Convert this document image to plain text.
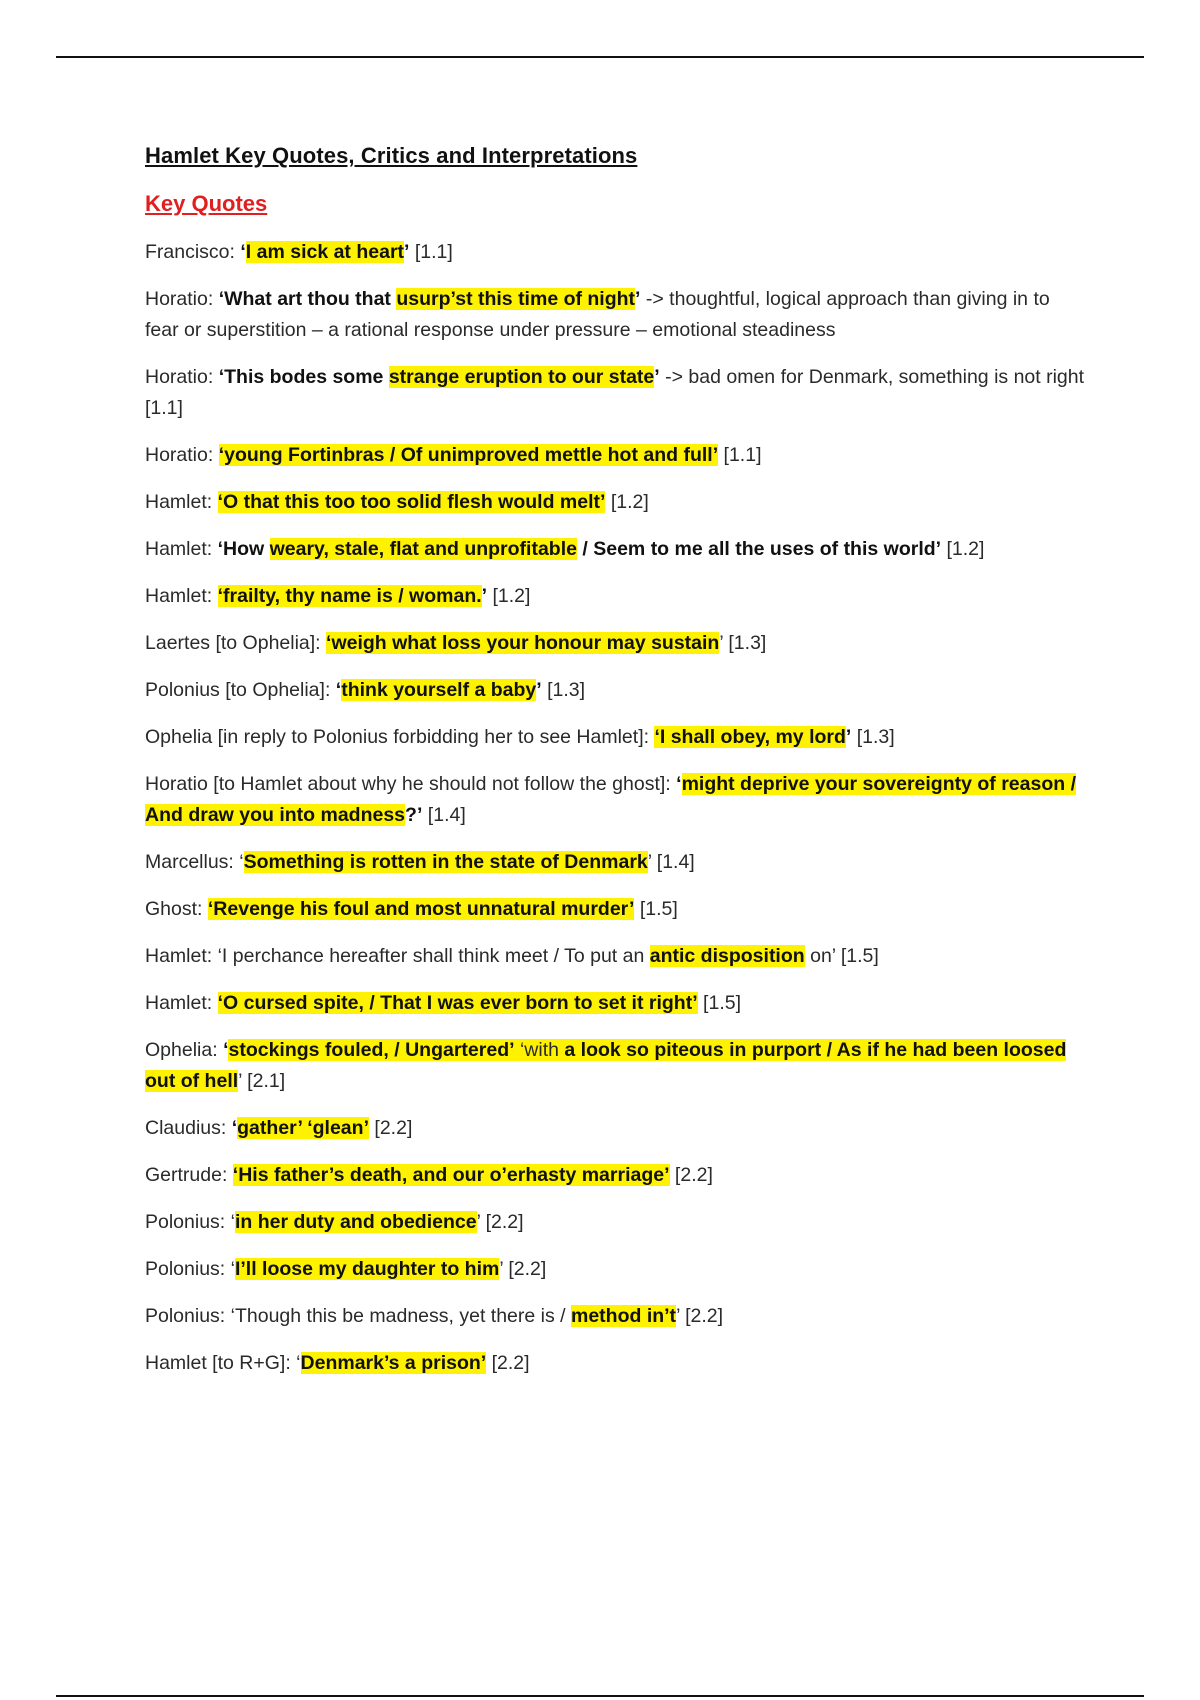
Hamlet Key Quotes, Critics and Interpretations
Key Quotes
Francisco: ‘I am sick at heart’ [1.1]
Horatio: ‘What art thou that usurp’st this time of night’ -> thoughtful, logical approach than giving in to fear or superstition – a rational response under pressure – emotional steadiness
Horatio: ‘This bodes some strange eruption to our state’ -> bad omen for Denmark, something is not right [1.1]
Horatio: ‘young Fortinbras / Of unimproved mettle hot and full’ [1.1]
Hamlet: ‘O that this too too solid flesh would melt’ [1.2]
Hamlet: ‘How weary, stale, flat and unprofitable / Seem to me all the uses of this world’ [1.2]
Hamlet: ‘frailty, thy name is / woman.’ [1.2]
Laertes [to Ophelia]: ‘weigh what loss your honour may sustain’ [1.3]
Polonius [to Ophelia]: ‘think yourself a baby’ [1.3]
Ophelia [in reply to Polonius forbidding her to see Hamlet]: ‘I shall obey, my lord’ [1.3]
Horatio [to Hamlet about why he should not follow the ghost]: ‘might deprive your sovereignty of reason / And draw you into madness?’ [1.4]
Marcellus: ‘Something is rotten in the state of Denmark’ [1.4]
Ghost: ‘Revenge his foul and most unnatural murder’ [1.5]
Hamlet: ‘I perchance hereafter shall think meet / To put an antic disposition on’ [1.5]
Hamlet: ‘O cursed spite, / That I was ever born to set it right’ [1.5]
Ophelia: ‘stockings fouled, / Ungartered’ ‘with a look so piteous in purport / As if he had been loosed out of hell’ [2.1]
Claudius: ‘gather’ ‘glean’ [2.2]
Gertrude: ‘His father’s death, and our o’erhasty marriage’ [2.2]
Polonius: ‘in her duty and obedience’ [2.2]
Polonius: ‘I’ll loose my daughter to him’ [2.2]
Polonius: ‘Though this be madness, yet there is / method in’t’ [2.2]
Hamlet [to R+G]: ‘Denmark’s a prison’ [2.2]
